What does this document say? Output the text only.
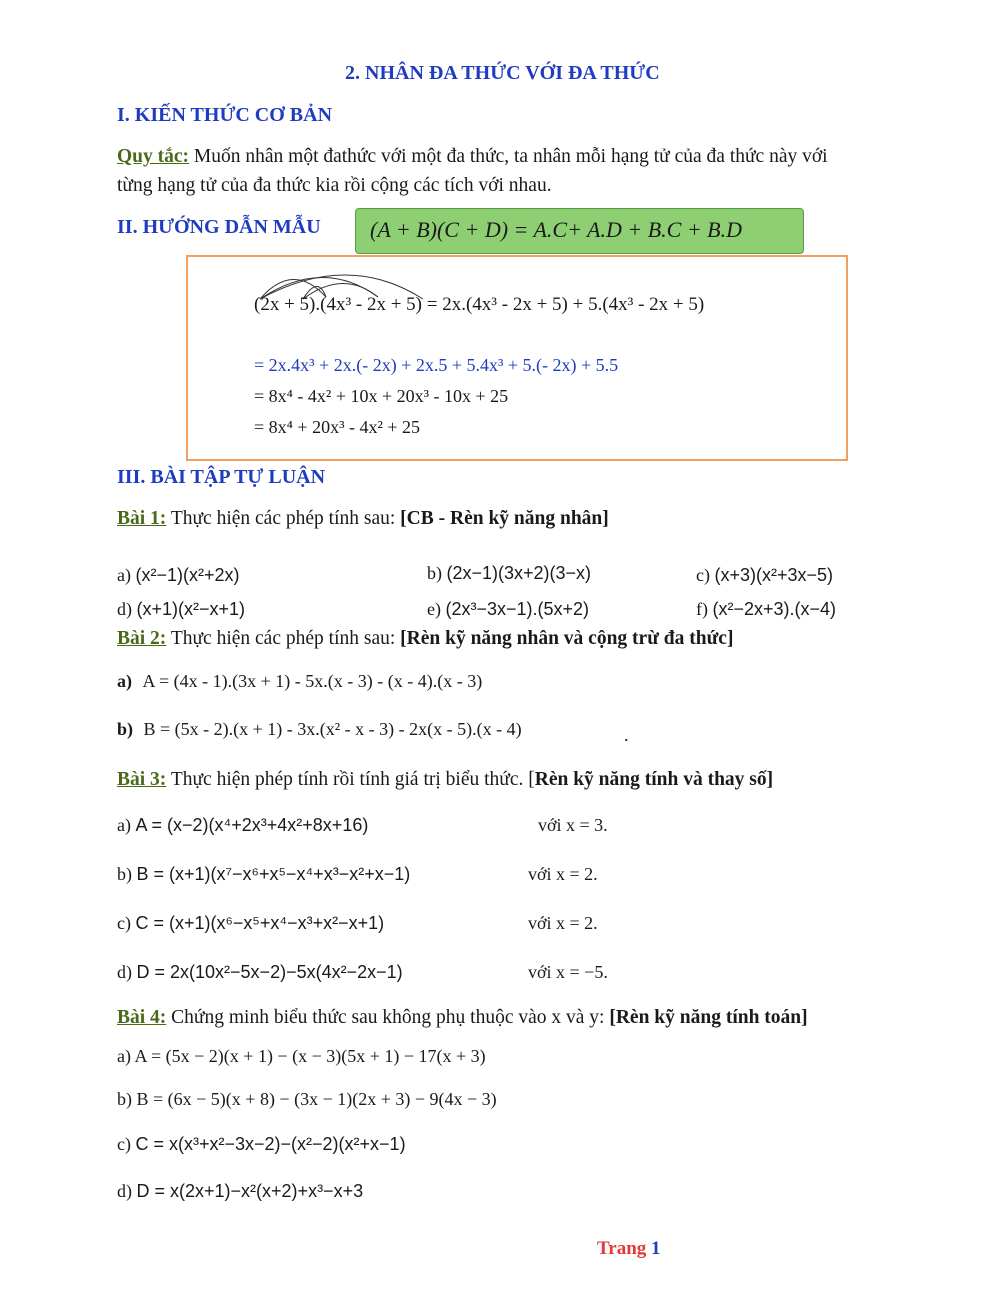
2. NHÂN ĐA THỨC VỚI ĐA THỨC
I. KIẾN THỨC CƠ BẢN
Quy tắc: Muốn nhân một đathức với một đa thức, ta nhân mỗi hạng tử của đa thức này với
từng hạng tử của đa thức kia rồi cộng các tích với nhau.
II. HƯỚNG DẪN MẪU (A + B)(C + D) = A.C+ A.D + B.C + B.D
(2x + 5).(4x³ - 2x + 5) = 2x.(4x³ - 2x + 5) + 5.(4x³ - 2x + 5)
= 2x.4x³ + 2x.(- 2x) + 2x.5 + 5.4x³ + 5.(- 2x) + 5.5
= 8x⁴ - 4x² + 10x + 20x³ - 10x + 25
= 8x⁴ + 20x³ - 4x² + 25
III. BÀI TẬP TỰ LUẬN
Bài 1: Thực hiện các phép tính sau: [CB - Rèn kỹ năng nhân]
a) (x²−1)(x²+2x)	b) (2x−1)(3x+2)(3−x)	c) (x+3)(x²+3x−5)
d) (x+1)(x²−x+1)	e) (2x³−3x−1).(5x+2)	f) (x²−2x+3).(x−4)
Bài 2: Thực hiện các phép tính sau: [Rèn kỹ năng nhân và cộng trừ đa thức]
a) A = (4x - 1).(3x + 1) - 5x.(x - 3) - (x - 4).(x - 3)
b) B = (5x - 2).(x + 1) - 3x.(x² - x - 3) - 2x(x - 5).(x - 4)	.
Bài 3: Thực hiện phép tính rồi tính giá trị biểu thức. [Rèn kỹ năng tính và thay số]
a) A = (x−2)(x⁴+2x³+4x²+8x+16)	với x = 3.
b) B = (x+1)(x⁷−x⁶+x⁵−x⁴+x³−x²+x−1)	với x = 2.
c) C = (x+1)(x⁶−x⁵+x⁴−x³+x²−x+1)	với x = 2.
d) D = 2x(10x²−5x−2)−5x(4x²−2x−1)	với x = −5.
Bài 4: Chứng minh biểu thức sau không phụ thuộc vào x và y: [Rèn kỹ năng tính toán]
a) A = (5x − 2)(x + 1) − (x − 3)(5x + 1) − 17(x + 3)
b) B = (6x − 5)(x + 8) − (3x − 1)(2x + 3) − 9(4x − 3)
c) C = x(x³+x²−3x−2)−(x²−2)(x²+x−1)
d) D = x(2x+1)−x²(x+2)+x³−x+3
Trang 1
